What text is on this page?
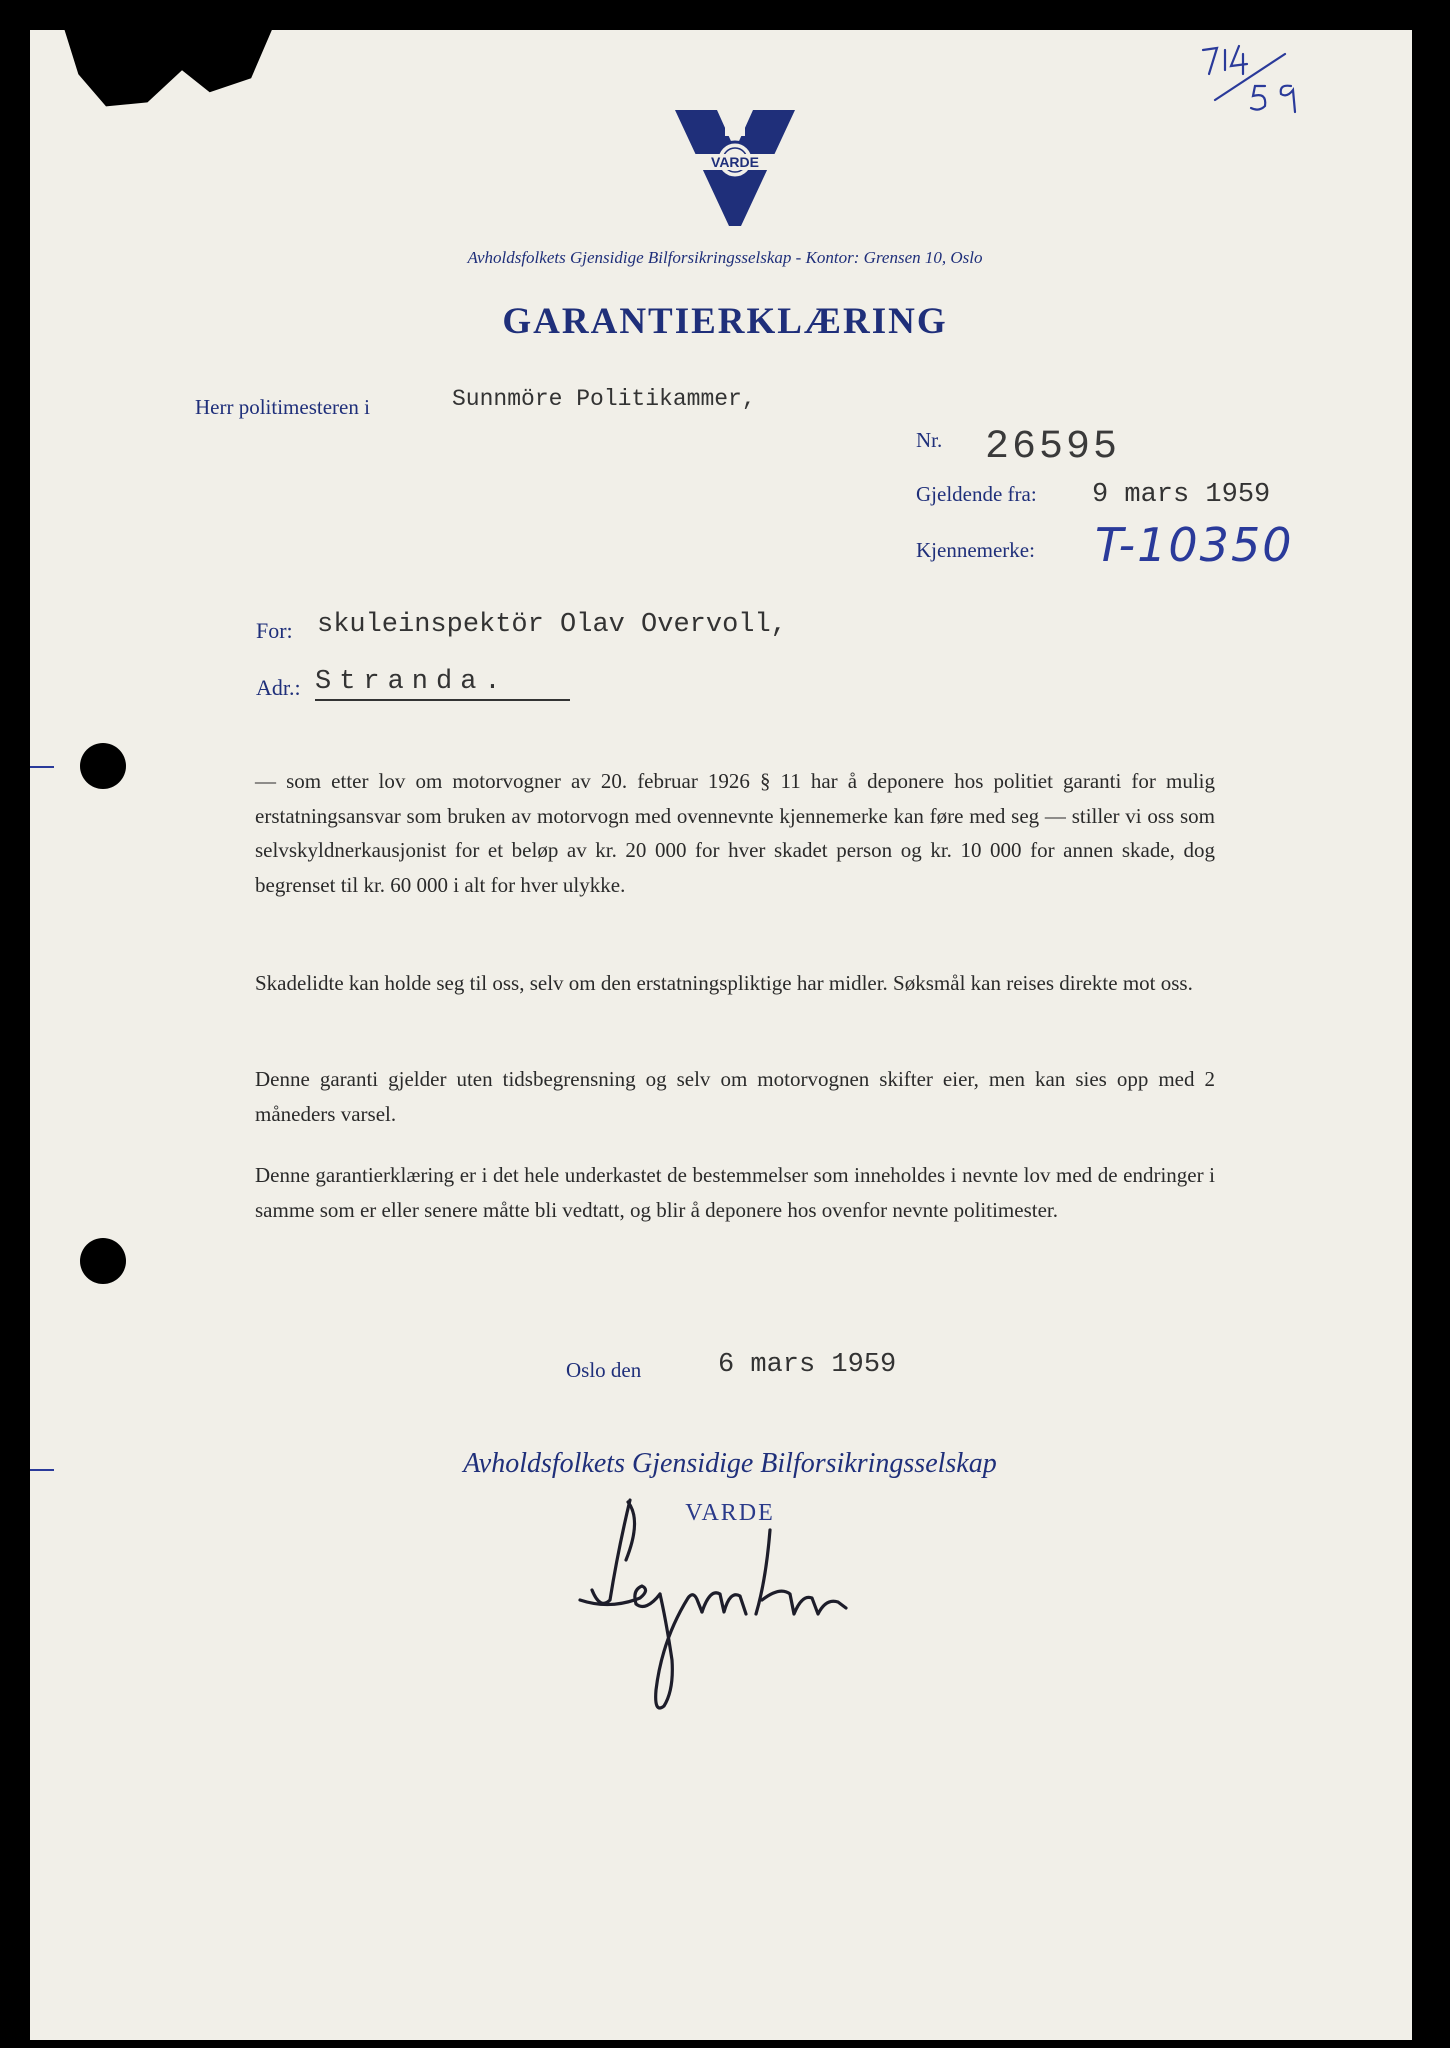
VARDE
Avholdsfolkets Gjensidige Bilforsikringsselskap - Kontor: Grensen 10, Oslo
GARANTIERKLÆRING
Herr politimesteren i	Sunnmöre Politikammer,
Nr. 26595
Gjeldende fra: 9 mars 1959
Kjennemerke: T-10350
For: skuleinspektör Olav Overvoll,
Adr.: Stranda.
— som etter lov om motorvogner av 20. februar 1926 § 11 har å deponere hos politiet garanti for mulig erstatningsansvar som bruken av motorvogn med ovennevnte kjennemerke kan føre med seg — stiller vi oss som selvskyldnerkausjonist for et beløp av kr. 20 000 for hver skadet person og kr. 10 000 for annen skade, dog begrenset til kr. 60 000 i alt for hver ulykke.
Skadelidte kan holde seg til oss, selv om den erstatningspliktige har midler. Søksmål kan reises direkte mot oss.
Denne garanti gjelder uten tidsbegrensning og selv om motorvognen skifter eier, men kan sies opp med 2 måneders varsel.
Denne garantierklæring er i det hele underkastet de bestemmelser som inneholdes i nevnte lov med de endringer i samme som er eller senere måtte bli vedtatt, og blir å deponere hos ovenfor nevnte politimester.
Oslo den	6 mars 1959
Avholdsfolkets Gjensidige Bilforsikringsselskap
VARDE
